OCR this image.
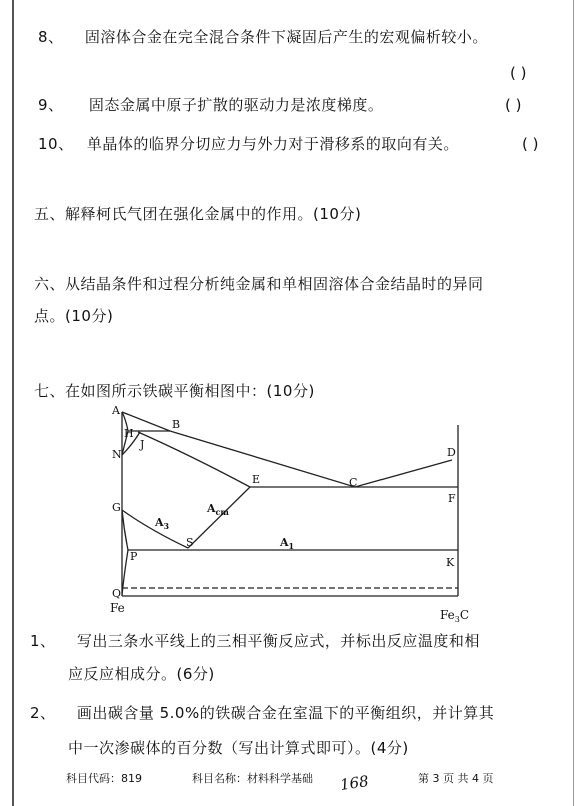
8、 固溶体合金在完全混合条件下凝固后产生的宏观偏析较小。
( )
9、 固态金属中原子扩散的驱动力是浓度梯度。	( )
10、 单晶体的临界分切应力与外力对于滑移系的取向有关。	( )
五、解释柯氏气团在强化金属中的作用。(10分)
六、从结晶条件和过程分析纯金属和单相固溶体合金结晶时的异同
点。(10分)
七、在如图所示铁碳平衡相图中：(10分)
A
B
H
J
N	D
E	C
F
G
S
P	K
Q
$A_3$
$A_{cm}$
$A_1$
Fe	$Fe_3C$
1、 写出三条水平线上的三相平衡反应式，并标出反应温度和相
应反应相成分。(6分)
2、 画出碳含量 5.0%的铁碳合金在室温下的平衡组织，并计算其
中一次渗碳体的百分数（写出计算式即可）。(4分)
科目代码：819	科目名称：材料科学基础 168	第 3 页 共 4 页
